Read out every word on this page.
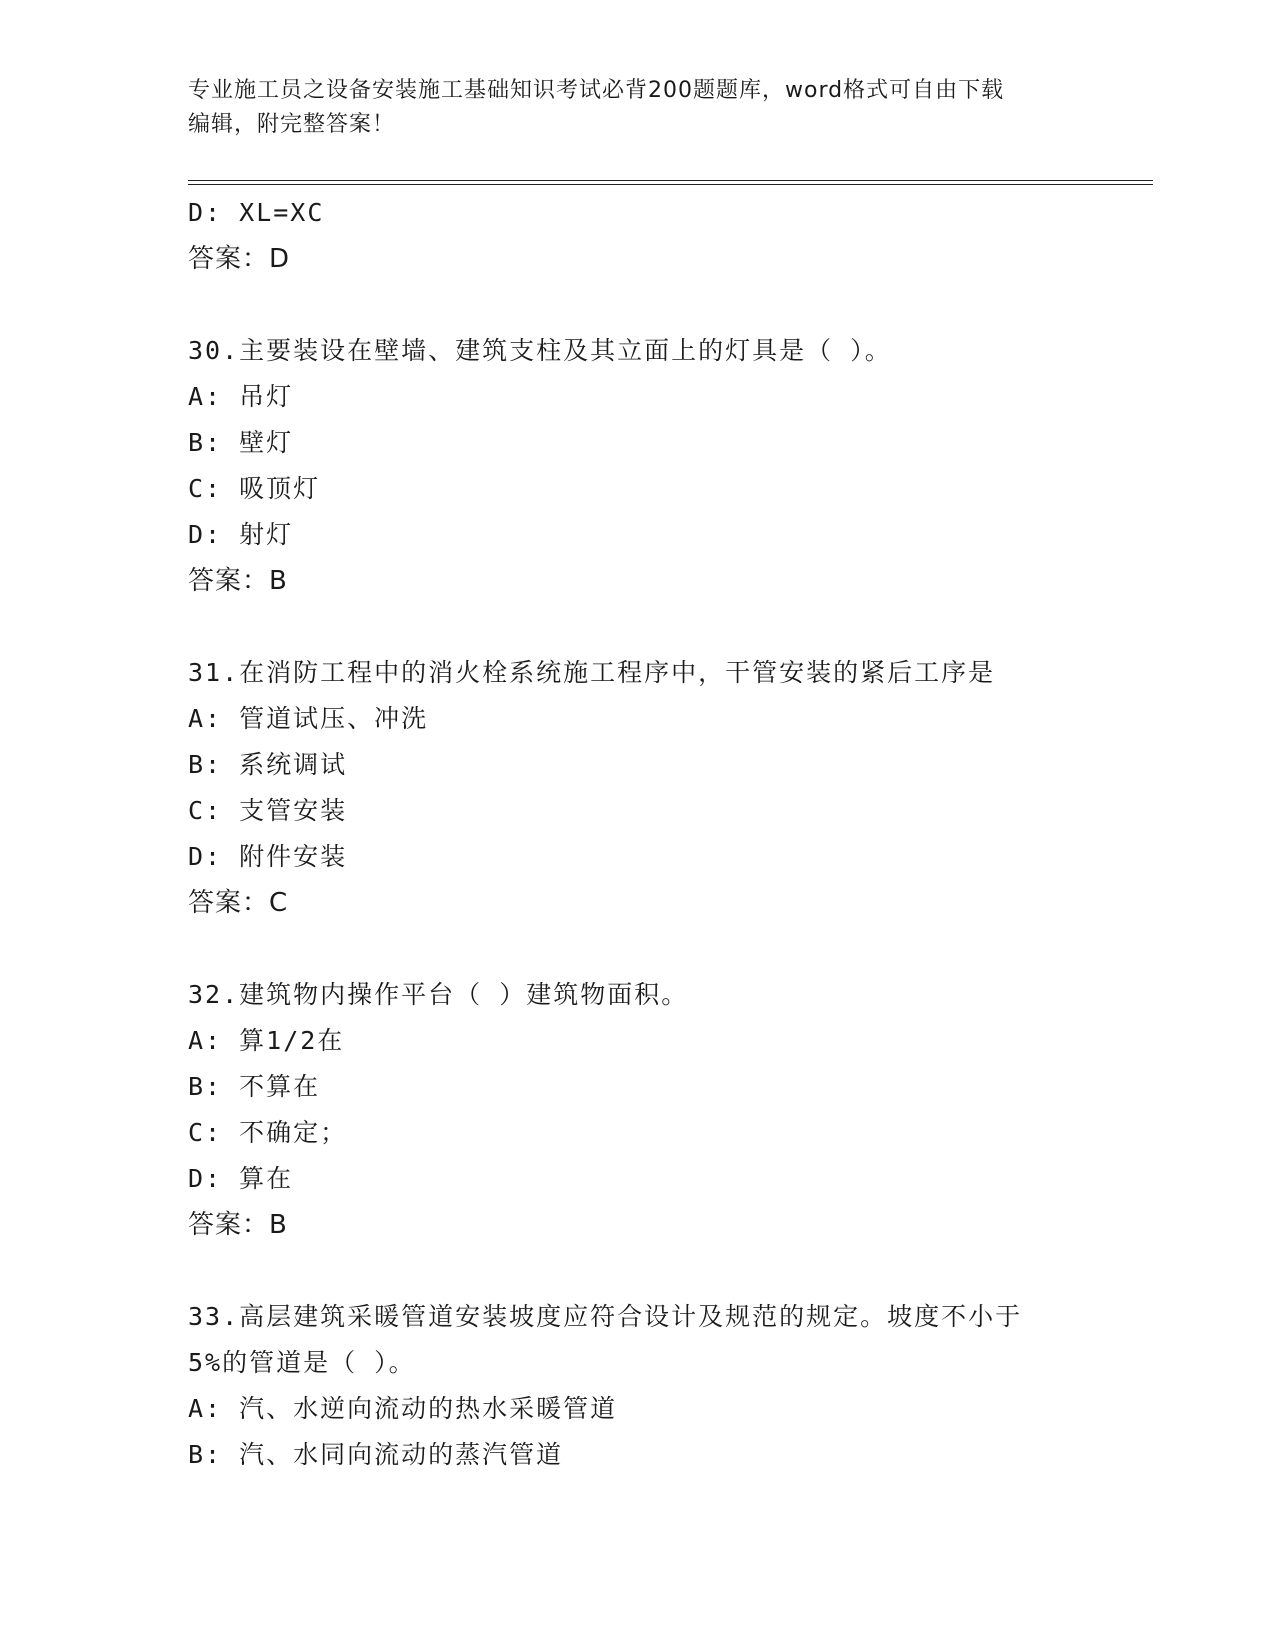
专业施工员之设备安装施工基础知识考试必背200题题库，word格式可自由下载
编辑，附完整答案！
D: XL=XC
答案：D
30.主要装设在壁墙、建筑支柱及其立面上的灯具是（ ）。
A: 吊灯
B: 壁灯
C: 吸顶灯
D: 射灯
答案：B
31.在消防工程中的消火栓系统施工程序中，干管安装的紧后工序是
A: 管道试压、冲洗
B: 系统调试
C: 支管安装
D: 附件安装
答案：C
32.建筑物内操作平台（ ）建筑物面积。
A: 算1/2在
B: 不算在
C: 不确定；
D: 算在
答案：B
33.高层建筑采暖管道安装坡度应符合设计及规范的规定。坡度不小于
5%的管道是（ ）。
A: 汽、水逆向流动的热水采暖管道
B: 汽、水同向流动的蒸汽管道
